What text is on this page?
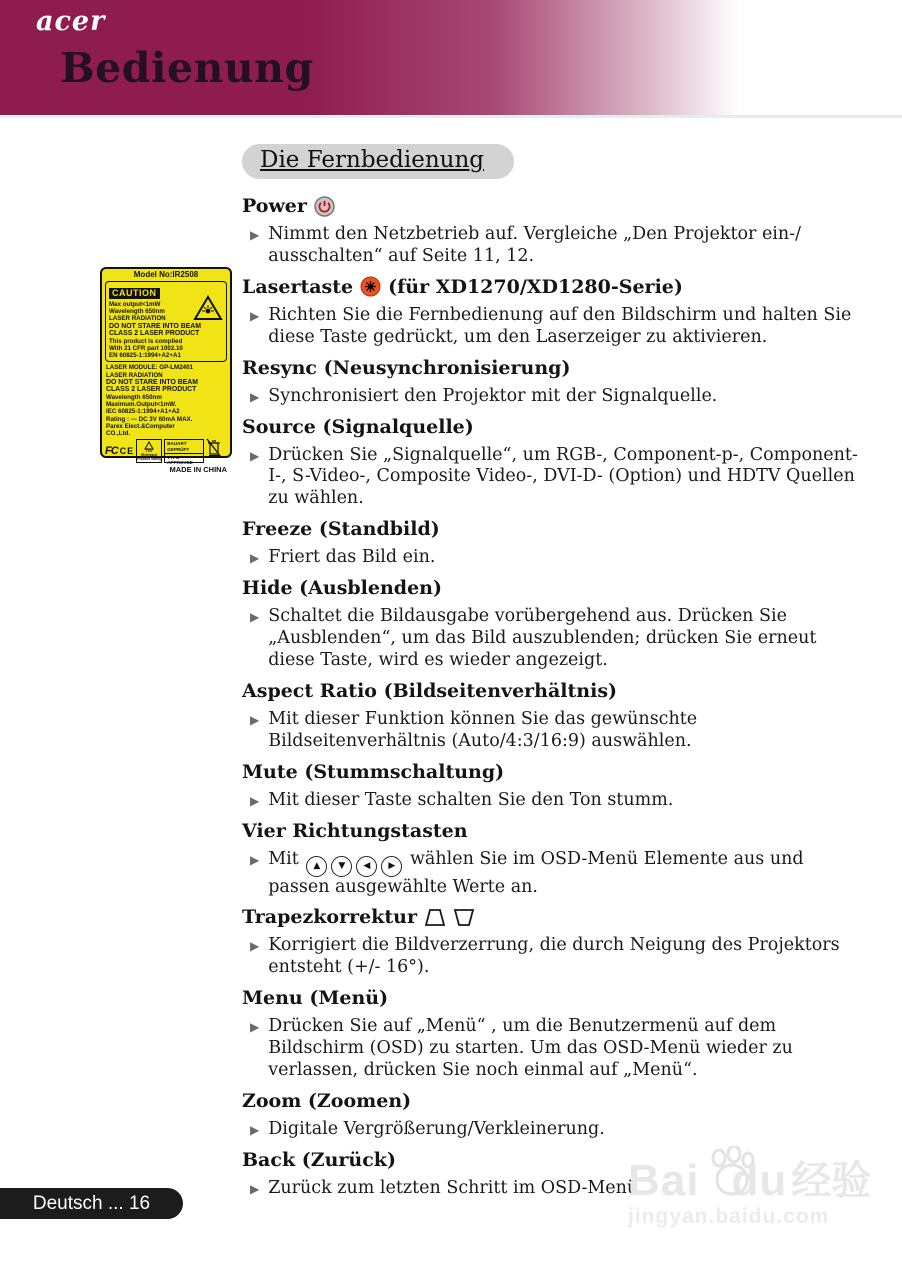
acer
Bedienung
Model No:IR2508
CAUTION
Max output<1mW
Wavelength 650nm
LASER RADIATION
DO NOT STARE INTO BEAM
CLASS 2 LASER PRODUCT
This product is complied
With 21 CFR part 1002.10
EN 60825-1:1994+A2+A1
LASER MODULE: GP-LM2401
LASER RADIATION
DO NOT STARE INTO BEAM
CLASS 2 LASER PRODUCT
Wavelength 650nm
Maximum.Output<1mW.
IEC 60825-1:1994+A1+A2
Rating : --- DC 3V 60mA MAX.
Parex Elect.&Computer
CO.,Ltd.
FC CE	TÜV Rheinland Product Safety
BAUART GEPRÜFT
TYPE APPROVED
MADE IN CHINA
Die Fernbedienung
Power
▶ Nimmt den Netzbetrieb auf. Vergleiche „Den Projektor ein-/ ausschalten“ auf Seite 11, 12.

Lasertaste (für XD1270/XD1280-Serie)
▶ Richten Sie die Fernbedienung auf den Bildschirm und halten Sie diese Taste gedrückt, um den Laserzeiger zu aktivieren.

Resync (Neusynchronisierung)
▶ Synchronisiert den Projektor mit der Signalquelle.

Source (Signalquelle)
▶ Drücken Sie „Signalquelle“, um RGB-, Component-p-, Component- I-, S-Video-, Composite Video-, DVI-D- (Option) und HDTV Quellen zu wählen.

Freeze (Standbild)
▶ Friert das Bild ein.

Hide (Ausblenden)
▶ Schaltet die Bildausgabe vorübergehend aus. Drücken Sie „Ausblenden“, um das Bild auszublenden; drücken Sie erneut diese Taste, wird es wieder angezeigt.

Aspect Ratio (Bildseitenverhältnis)
▶ Mit dieser Funktion können Sie das gewünschte Bildseitenverhältnis (Auto/4:3/16:9) auswählen.

Mute (Stummschaltung)
▶ Mit dieser Taste schalten Sie den Ton stumm.

Vier Richtungstasten
▶ Mit	▲	▼	◀	▶ wählen Sie im OSD-Menü Elemente aus und passen ausgewählte Werte an.

Trapezkorrektur
▶ Korrigiert die Bildverzerrung, die durch Neigung des Projektors entsteht (+/- 16°).

Menu (Menü)
▶ Drücken Sie auf „Menü“ , um die Benutzermenü auf dem Bildschirm (OSD) zu starten. Um das OSD-Menü wieder zu verlassen, drücken Sie noch einmal auf „Menü“.

Zoom (Zoomen)
▶ Digitale Vergrößerung/Verkleinerung.

Back (Zurück)
▶ Zurück zum letzten Schritt im OSD-Menü.

Deutsch ... 16	Bai du 经验
jingyan.baidu.com
